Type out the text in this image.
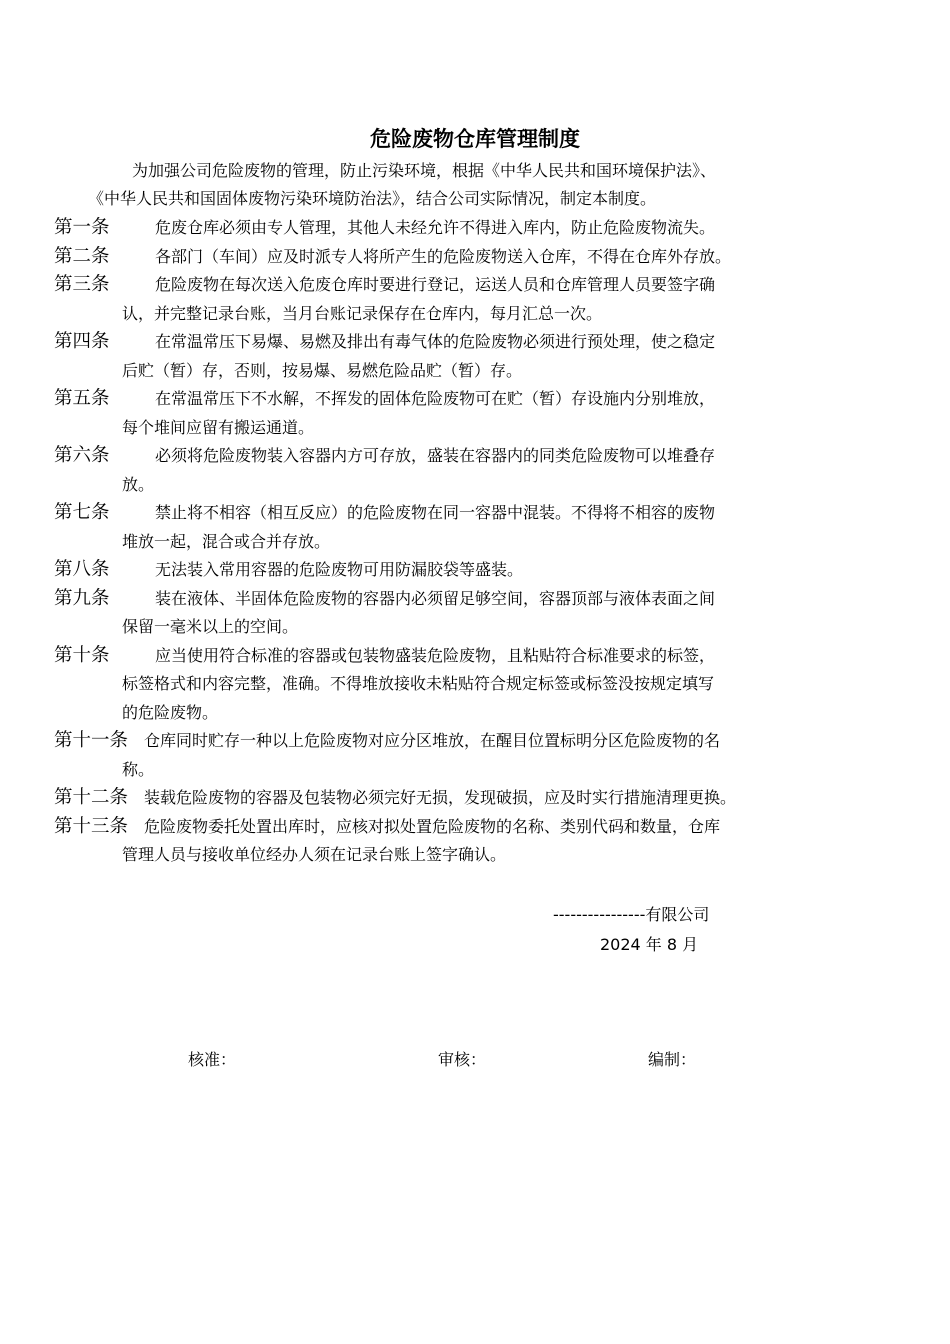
危险废物仓库管理制度
为加强公司危险废物的管理，防止污染环境，根据《中华人民共和国环境保护法》、
《中华人民共和国固体废物污染环境防治法》，结合公司实际情况，制定本制度。
第一条	危废仓库必须由专人管理，其他人未经允许不得进入库内，防止危险废物流失。
第二条	各部门（车间）应及时派专人将所产生的危险废物送入仓库，不得在仓库外存放。
第三条	危险废物在每次送入危废仓库时要进行登记，运送人员和仓库管理人员要签字确
认，并完整记录台账，当月台账记录保存在仓库内，每月汇总一次。
第四条	在常温常压下易爆、易燃及排出有毒气体的危险废物必须进行预处理，使之稳定
后贮（暂）存，否则，按易爆、易燃危险品贮（暂）存。
第五条	在常温常压下不水解，不挥发的固体危险废物可在贮（暂）存设施内分别堆放，
每个堆间应留有搬运通道。
第六条	必须将危险废物装入容器内方可存放，盛装在容器内的同类危险废物可以堆叠存
放。
第七条	禁止将不相容（相互反应）的危险废物在同一容器中混装。不得将不相容的废物
堆放一起，混合或合并存放。
第八条	无法装入常用容器的危险废物可用防漏胶袋等盛装。
第九条	装在液体、半固体危险废物的容器内必须留足够空间，容器顶部与液体表面之间
保留一毫米以上的空间。
第十条	应当使用符合标准的容器或包装物盛装危险废物，且粘贴符合标准要求的标签，
标签格式和内容完整，准确。不得堆放接收未粘贴符合规定标签或标签没按规定填写
的危险废物。
第十一条 仓库同时贮存一种以上危险废物对应分区堆放，在醒目位置标明分区危险废物的名
称。
第十二条 装载危险废物的容器及包装物必须完好无损，发现破损，应及时实行措施清理更换。
第十三条 危险废物委托处置出库时，应核对拟处置危险废物的名称、类别代码和数量，仓库
管理人员与接收单位经办人须在记录台账上签字确认。
----------------有限公司
2024 年 8 月
核准：	审核：	编制：
